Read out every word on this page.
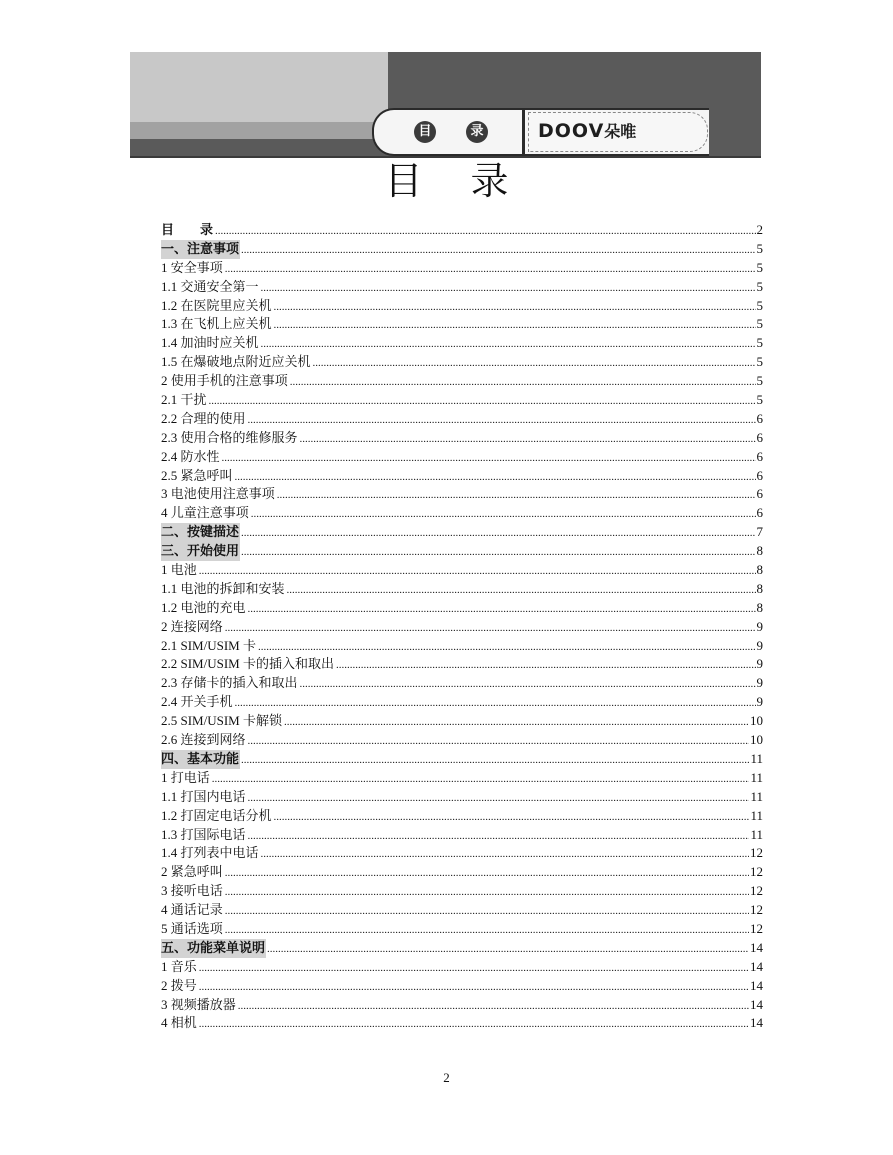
目	录	DOOV朵唯
目 录
目　　录 .....	2
一、注意事项 .....	5
1 安全事项 .....	5
1.1 交通安全第一 .....	5
1.2 在医院里应关机 .....	5
1.3 在飞机上应关机 .....	5
1.4 加油时应关机 .....	5
1.5 在爆破地点附近应关机 .....	5
2 使用手机的注意事项 .....	5
2.1 干扰 .....	5
2.2 合理的使用 .....	6
2.3 使用合格的维修服务 .....	6
2.4 防水性 .....	6
2.5 紧急呼叫 .....	6
3 电池使用注意事项 .....	6
4 儿童注意事项 .....	6
二、按键描述 .....	7
三、开始使用 .....	8
1 电池 .....	8
1.1 电池的拆卸和安装 .....	8
1.2 电池的充电 .....	8
2 连接网络 .....	9
2.1 SIM/USIM 卡 .....	9
2.2 SIM/USIM 卡的插入和取出 .....	9
2.3 存储卡的插入和取出 .....	9
2.4 开关手机 .....	9
2.5 SIM/USIM 卡解锁 .....	10
2.6 连接到网络 .....	10
四、基本功能 .....	11
1 打电话 .....	11
1.1 打国内电话 .....	11
1.2 打固定电话分机 .....	11
1.3 打国际电话 .....	11
1.4 打列表中电话 .....	12
2 紧急呼叫 .....	12
3 接听电话 .....	12
4 通话记录 .....	12
5 通话选项 .....	12
五、功能菜单说明 .....	14
1 音乐 .....	14
2 拨号 .....	14
3 视频播放器 .....	14
4 相机 .....	14
2
